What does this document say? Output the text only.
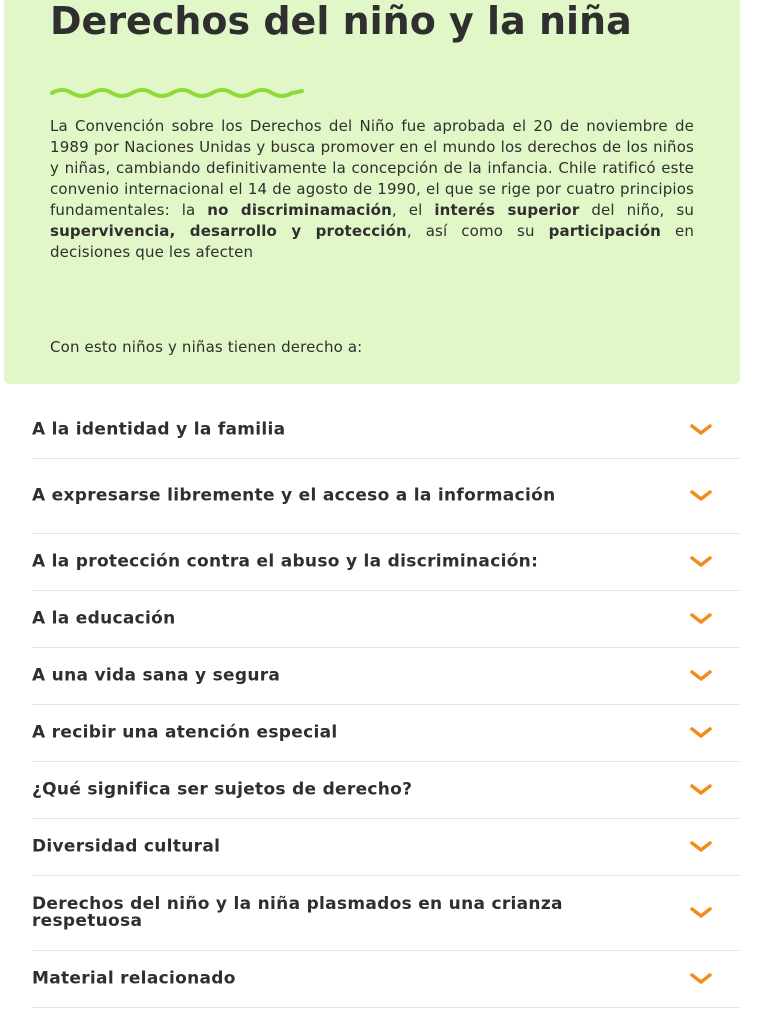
Derechos del niño y la niña

La Convención sobre los Derechos del Niño fue aprobada el 20 de noviembre de 1989 por Naciones Unidas y busca promover en el mundo los derechos de los niños y niñas, cambiando definitivamente la concepción de la infancia. Chile ratificó este convenio internacional el 14 de agosto de 1990, el que se rige por cuatro principios fundamentales: la no discriminamación, el interés superior del niño, su supervivencia, desarrollo y protección, así como su participación en decisiones que les afecten

Con esto niños y niñas tienen derecho a:

A la identidad y la familia
A expresarse libremente y el acceso a la información
A la protección contra el abuso y la discriminación:
A la educación
A una vida sana y segura
A recibir una atención especial
¿Qué significa ser sujetos de derecho?
Diversidad cultural
Derechos del niño y la niña plasmados en una crianza respetuosa
Material relacionado
